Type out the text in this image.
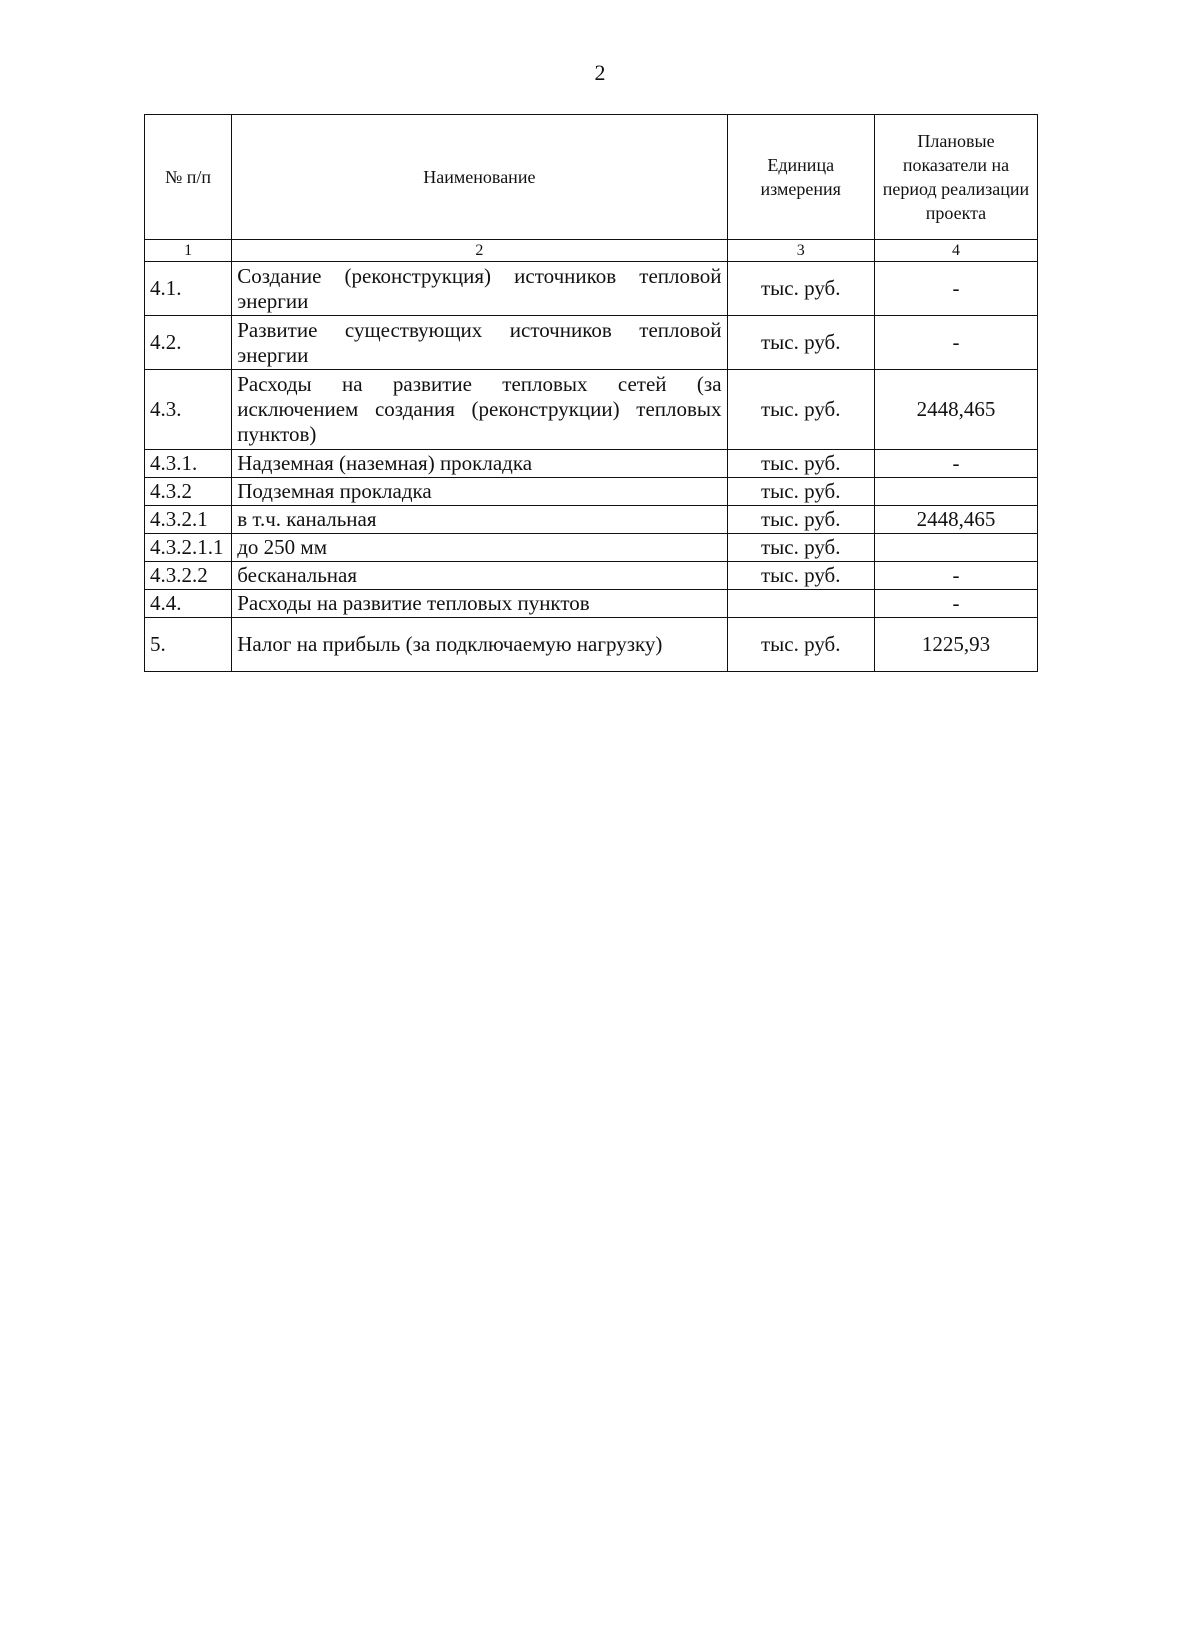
2
№ п/п	Наименование	Единица измерения	Плановые показатели на период реализации проекта
1	2	3	4
4.1.	Создание (реконструкция) источников тепловой энергии	тыс. руб.	-
4.2.	Развитие существующих источников тепловой энергии	тыс. руб.	-
4.3.	Расходы на развитие тепловых сетей (за исключением создания (реконструкции) тепловых пунктов)	тыс. руб.	2448,465
4.3.1.	Надземная (наземная) прокладка	тыс. руб.	-
4.3.2	Подземная прокладка	тыс. руб.	
4.3.2.1	в т.ч. канальная	тыс. руб.	2448,465
4.3.2.1.1	до 250 мм	тыс. руб.	
4.3.2.2	бесканальная	тыс. руб.	-
4.4.	Расходы на развитие тепловых пунктов		-
5.	Налог на прибыль (за подключаемую нагрузку)	тыс. руб.	1225,93
